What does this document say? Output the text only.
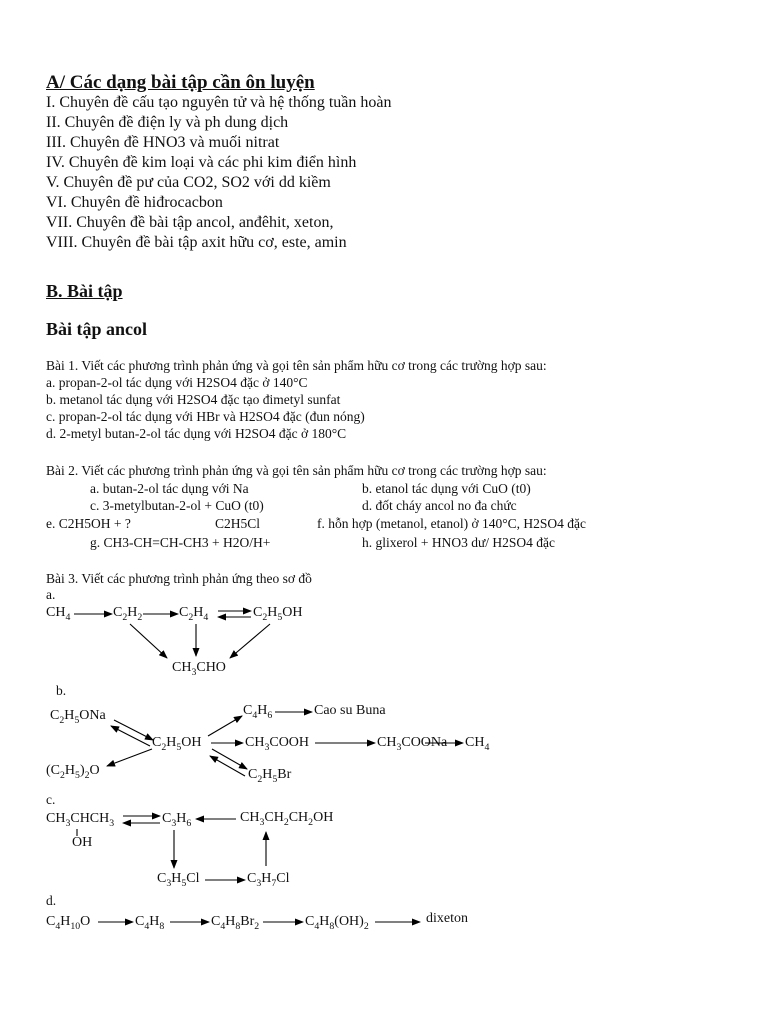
A/ Các dạng bài tập cần ôn luyện
I. Chuyên đề cấu tạo nguyên tử và hệ thống tuần hoàn
II. Chuyên đề điện ly và ph dung dịch
III. Chuyên đề HNO3 và muối nitrat
IV. Chuyên đề kim loại và các phi kim điển hình
V. Chuyên đề pư của CO2, SO2 với dd kiềm
VI. Chuyên đề hiđrocacbon
VII. Chuyên đề bài tập ancol, anđêhit, xeton,
VIII. Chuyên đề bài tập axit hữu cơ, este, amin
B. Bài tập
Bài tập ancol
Bài 1. Viết các phương trình phản ứng và gọi tên sản phẩm hữu cơ trong các trường hợp sau:
a. propan-2-ol tác dụng với H2SO4 đặc ở 140°C
b. metanol tác dụng với H2SO4 đặc tạo đimetyl sunfat
c. propan-2-ol tác dụng với HBr và H2SO4 đặc (đun nóng)
d. 2-metyl butan-2-ol tác dụng với H2SO4 đặc ở 180°C
Bài 2. Viết các phương trình phản ứng và gọi tên sản phẩm hữu cơ trong các trường hợp sau:
a. butan-2-ol tác dụng với Na	b. etanol tác dụng với CuO (t0)
c. 3-metylbutan-2-ol + CuO (t0)	d. đốt cháy ancol no đa chức
e. C2H5OH + ?	C2H5Cl	f. hỗn hợp (metanol, etanol) ở 140°C, H2SO4 đặc
g. CH3-CH=CH-CH3 + H2O/H+	h. glixerol + HNO3 dư/ H2SO4 đặc
Bài 3. Viết các phương trình phản ứng theo sơ đồ
a.
b.
c.
d.
$CH_4$	$C_2H_2$	$C_2H_4$	$C_2H_5OH$
$CH_3CHO$
$C_2H_5ONa$
$C_2H_5OH$
$(C_2H_5)_2O$
$C_4H_6$	Cao su Buna
$CH_3COOH$	$CH_3COONa$ $CH_4$
$C_2H_5Br$
$CH_3CHCH_3$
OH
$C_3H_6$	$CH_3CH_2CH_2OH$
$C_3H_5Cl$	$C_3H_7Cl$
$C_4H_{10}O$	$C_4H_8$	$C_4H_8Br_2$	$C_4H_8(OH)_2$
dixeton
